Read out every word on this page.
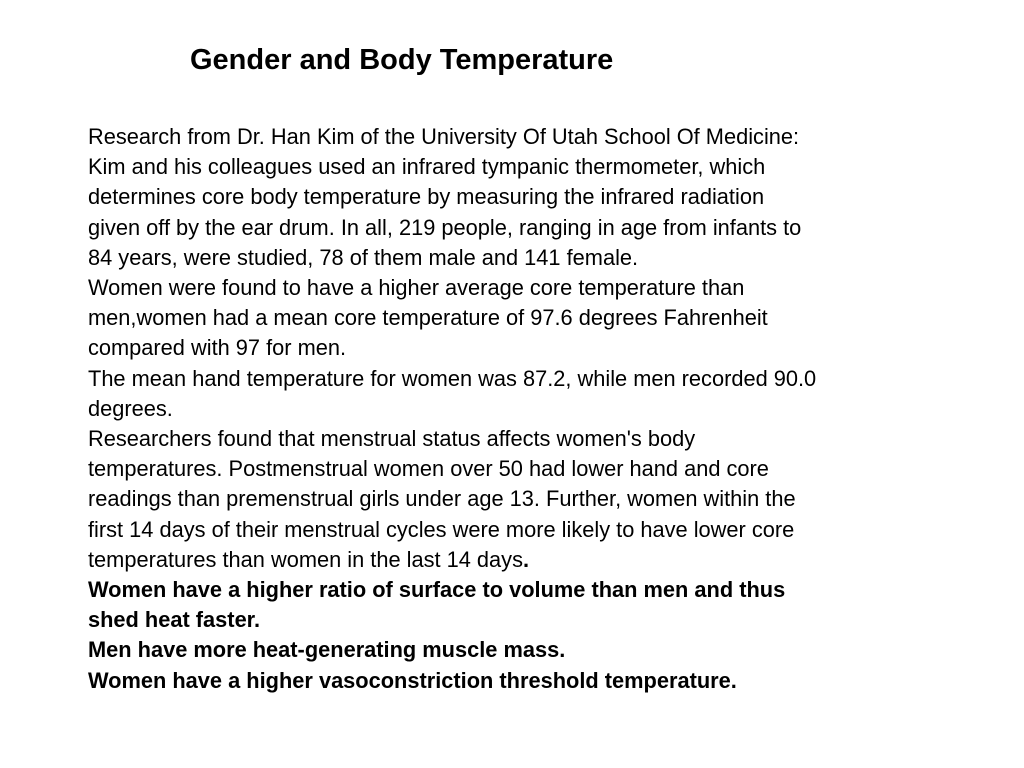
Gender and Body Temperature
Research from Dr. Han Kim of the University Of Utah School Of Medicine:
Kim and his colleagues used an infrared tympanic thermometer, which
determines core body temperature by measuring the infrared radiation
given off by the ear drum. In all, 219 people, ranging in age from infants to
84 years, were studied, 78 of them male and 141 female.
Women were found to have a higher average core temperature than
men,women had a mean core temperature of 97.6 degrees Fahrenheit
compared with 97 for men.
The mean hand temperature for women was 87.2, while men recorded 90.0
degrees.
Researchers found that menstrual status affects women's body
temperatures. Postmenstrual women over 50 had lower hand and core
readings than premenstrual girls under age 13. Further, women within the
first 14 days of their menstrual cycles were more likely to have lower core
temperatures than women in the last 14 days.
Women have a higher ratio of surface to volume than men and thus
shed heat faster.
Men have more heat-generating muscle mass.
Women have a higher vasoconstriction threshold temperature.
